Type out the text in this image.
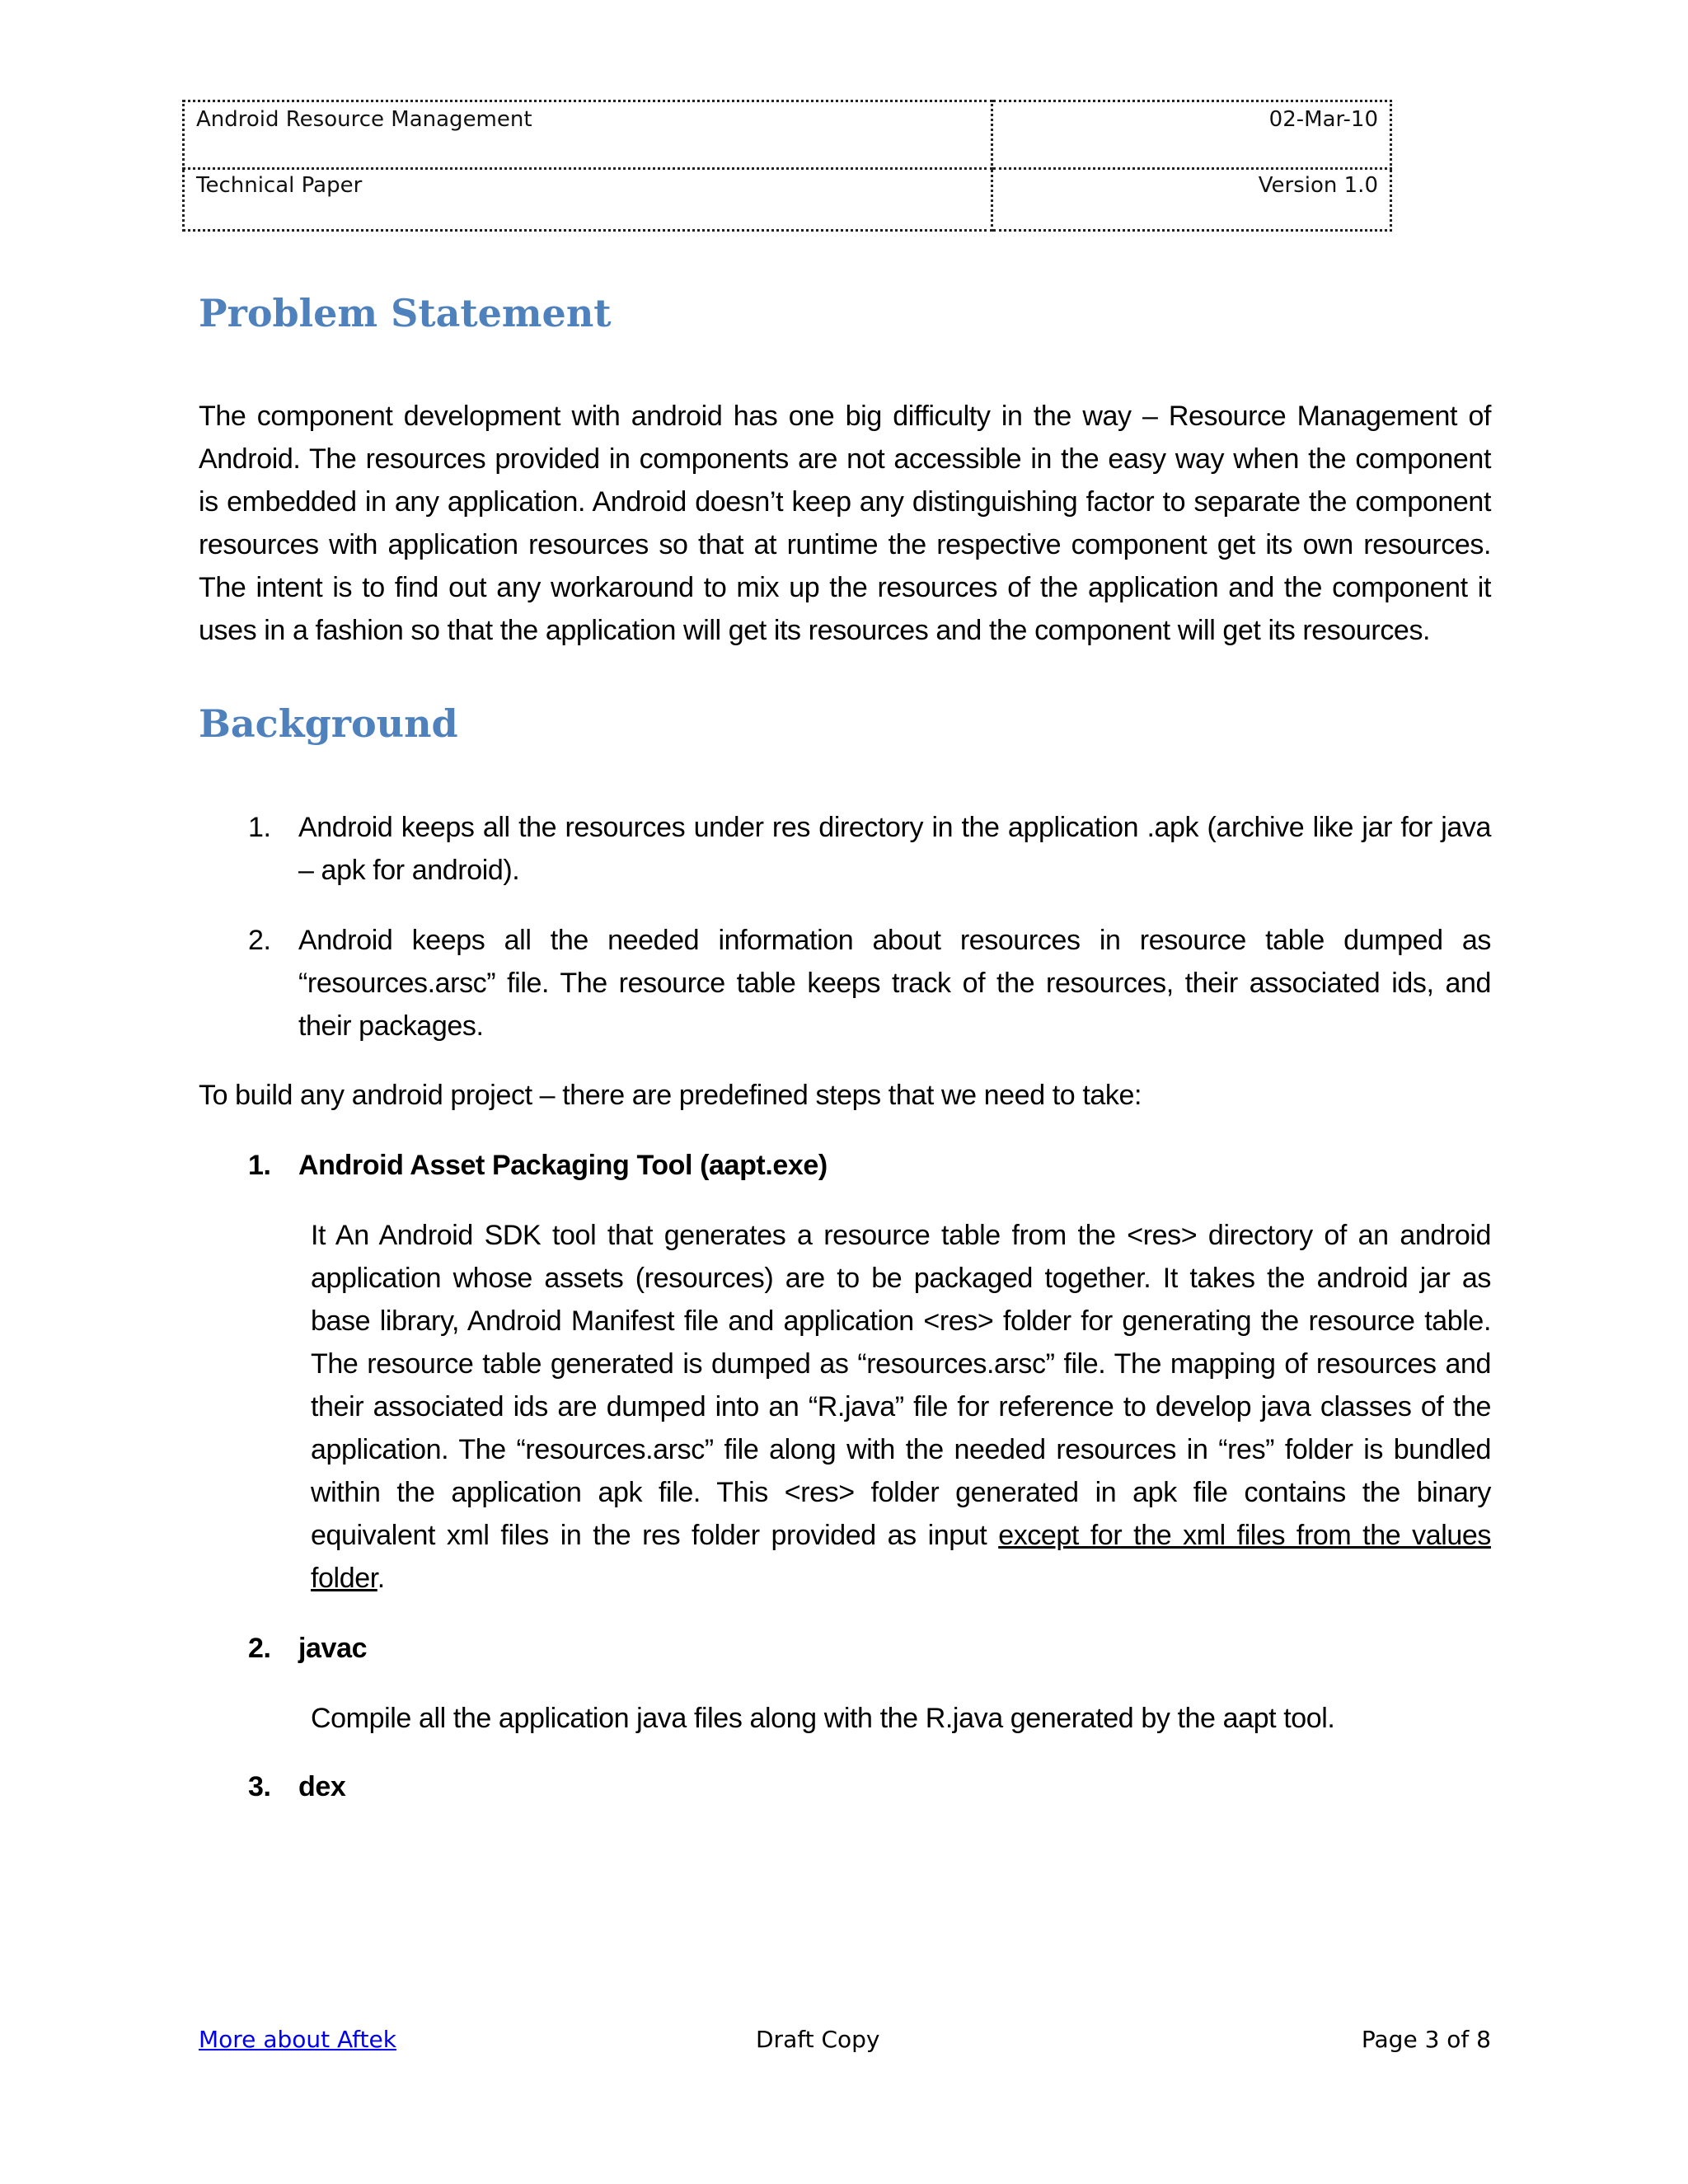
Android Resource Management	02-Mar-10
Technical Paper	Version 1.0
Problem Statement

The component development with android has one big difficulty in the way – Resource Management of Android. The resources provided in components are not accessible in the easy way when the component is embedded in any application. Android doesn’t keep any distinguishing factor to separate the component resources with application resources so that at runtime the respective component get its own resources. The intent is to find out any workaround to mix up the resources of the application and the component it uses in a fashion so that the application will get its resources and the component will get its resources.

Background
1. Android keeps all the resources under res directory in the application .apk (archive like jar for java – apk for android).
2. Android keeps all the needed information about resources in resource table dumped as “resources.arsc” file. The resource table keeps track of the resources, their associated ids, and their packages.

To build any android project – there are predefined steps that we need to take:

1. Android Asset Packaging Tool (aapt.exe)
It An Android SDK tool that generates a resource table from the <res> directory of an android application whose assets (resources) are to be packaged together. It takes the android jar as base library, Android Manifest file and application <res> folder for generating the resource table. The resource table generated is dumped as “resources.arsc” file. The mapping of resources and their associated ids are dumped into an “R.java” file for reference to develop java classes of the application. The “resources.arsc” file along with the needed resources in “res” folder is bundled within the application apk file. This <res> folder generated in apk file contains the binary equivalent xml files in the res folder provided as input except for the xml files from the values folder.
2. javac
Compile all the application java files along with the R.java generated by the aapt tool.
3. dex
More about Aftek	Draft Copy	Page 3 of 8
